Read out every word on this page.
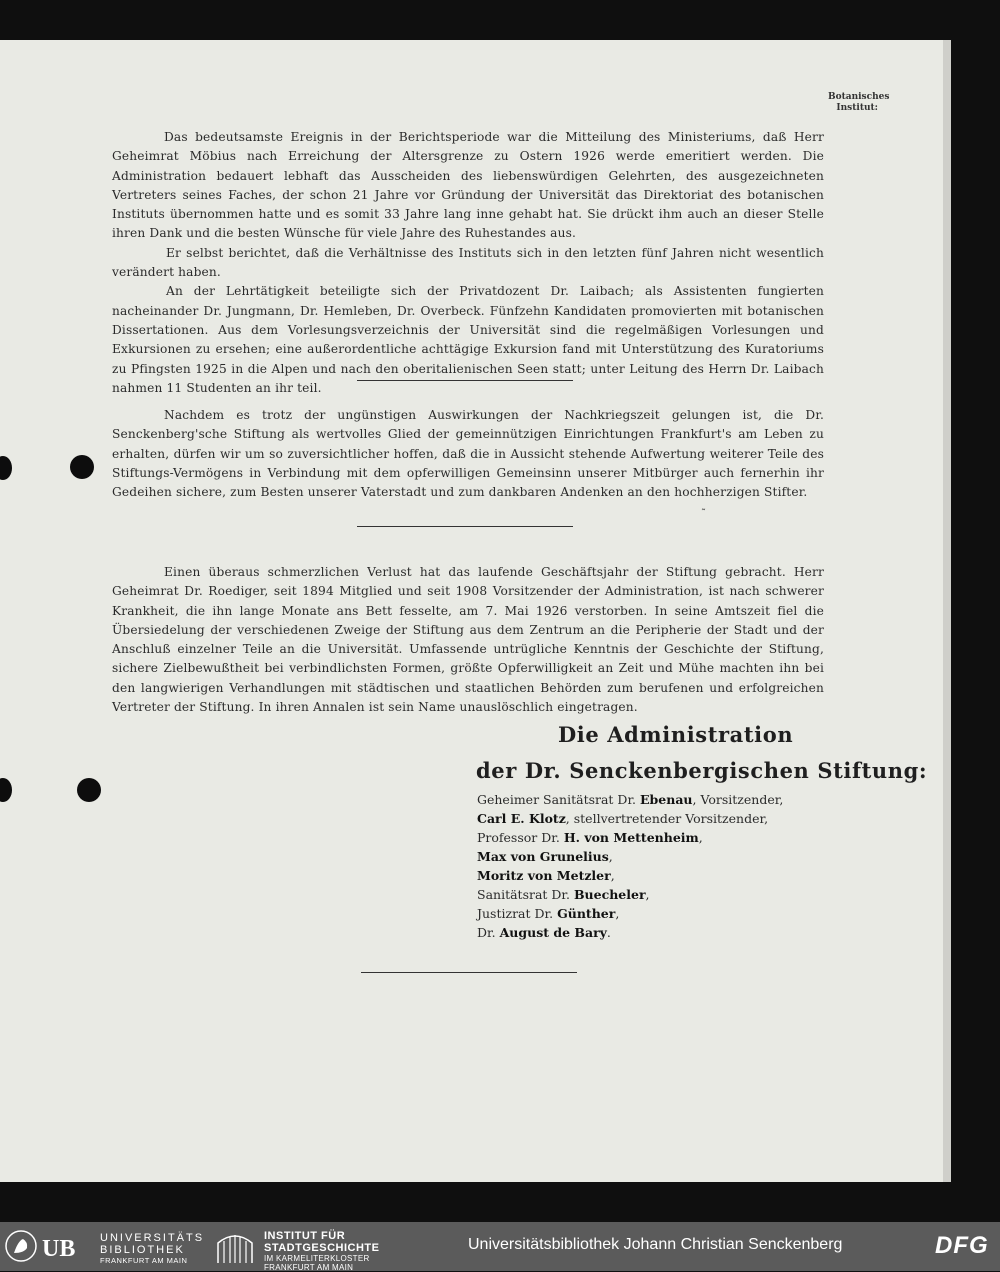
Botanisches
Institut:

Das bedeutsamste Ereignis in der Berichtsperiode war die Mitteilung des Ministeriums, daß Herr Geheimrat Möbius nach Erreichung der Altersgrenze zu Ostern 1926 werde emeritiert werden. Die Administration bedauert lebhaft das Ausscheiden des liebenswürdigen Gelehrten, des ausgezeichneten Vertreters seines Faches, der schon 21 Jahre vor Gründung der Universität das Direktoriat des botanischen Instituts übernommen hatte und es somit 33 Jahre lang inne gehabt hat. Sie drückt ihm auch an dieser Stelle ihren Dank und die besten Wünsche für viele Jahre des Ruhestandes aus.

Er selbst berichtet, daß die Verhältnisse des Instituts sich in den letzten fünf Jahren nicht wesentlich verändert haben.

An der Lehrtätigkeit beteiligte sich der Privatdozent Dr. Laibach; als Assistenten fungierten nacheinander Dr. Jungmann, Dr. Hemleben, Dr. Overbeck. Fünfzehn Kandidaten promovierten mit botanischen Dissertationen. Aus dem Vorlesungsverzeichnis der Universität sind die regelmäßigen Vorlesungen und Exkursionen zu ersehen; eine außerordentliche achttägige Exkursion fand mit Unterstützung des Kuratoriums zu Pfingsten 1925 in die Alpen und nach den oberitalienischen Seen statt; unter Leitung des Herrn Dr. Laibach nahmen 11 Studenten an ihr teil.

Nachdem es trotz der ungünstigen Auswirkungen der Nachkriegszeit gelungen ist, die Dr. Senckenberg'sche Stiftung als wertvolles Glied der gemeinnützigen Einrichtungen Frankfurt's am Leben zu erhalten, dürfen wir um so zuversichtlicher hoffen, daß die in Aussicht stehende Aufwertung weiterer Teile des Stiftungs-Vermögens in Verbindung mit dem opferwilligen Gemeinsinn unserer Mitbürger auch fernerhin ihr Gedeihen sichere, zum Besten unserer Vaterstadt und zum dankbaren Andenken an den hochherzigen Stifter.

˷

Einen überaus schmerzlichen Verlust hat das laufende Geschäftsjahr der Stiftung gebracht. Herr Geheimrat Dr. Roediger, seit 1894 Mitglied und seit 1908 Vorsitzender der Administration, ist nach schwerer Krankheit, die ihn lange Monate ans Bett fesselte, am 7. Mai 1926 verstorben. In seine Amtszeit fiel die Übersiedelung der verschiedenen Zweige der Stiftung aus dem Zentrum an die Peripherie der Stadt und der Anschluß einzelner Teile an die Universität. Umfassende untrügliche Kenntnis der Geschichte der Stiftung, sichere Zielbewußtheit bei verbindlichsten Formen, größte Opferwilligkeit an Zeit und Mühe machten ihn bei den langwierigen Verhandlungen mit städtischen und staatlichen Behörden zum berufenen und erfolgreichen Vertreter der Stiftung. In ihren Annalen ist sein Name unauslöschlich eingetragen.

Die Administration
der Dr. Senckenbergischen Stiftung:
Geheimer Sanitätsrat Dr. Ebenau, Vorsitzender,
Carl E. Klotz, stellvertretender Vorsitzender,
Professor Dr. H. von Mettenheim,
Max von Grunelius,
Moritz von Metzler,
Sanitätsrat Dr. Buecheler,
Justizrat Dr. Günther,
Dr. August de Bary.
UB UNIVERSITÄTS
BIBLIOTHEK
FRANKFURT AM MAIN
INSTITUT FÜR
STADTGESCHICHTE
IM KARMELITERKLOSTER
FRANKFURT AM MAIN
Universitätsbibliothek Johann Christian Senckenberg	DFG
